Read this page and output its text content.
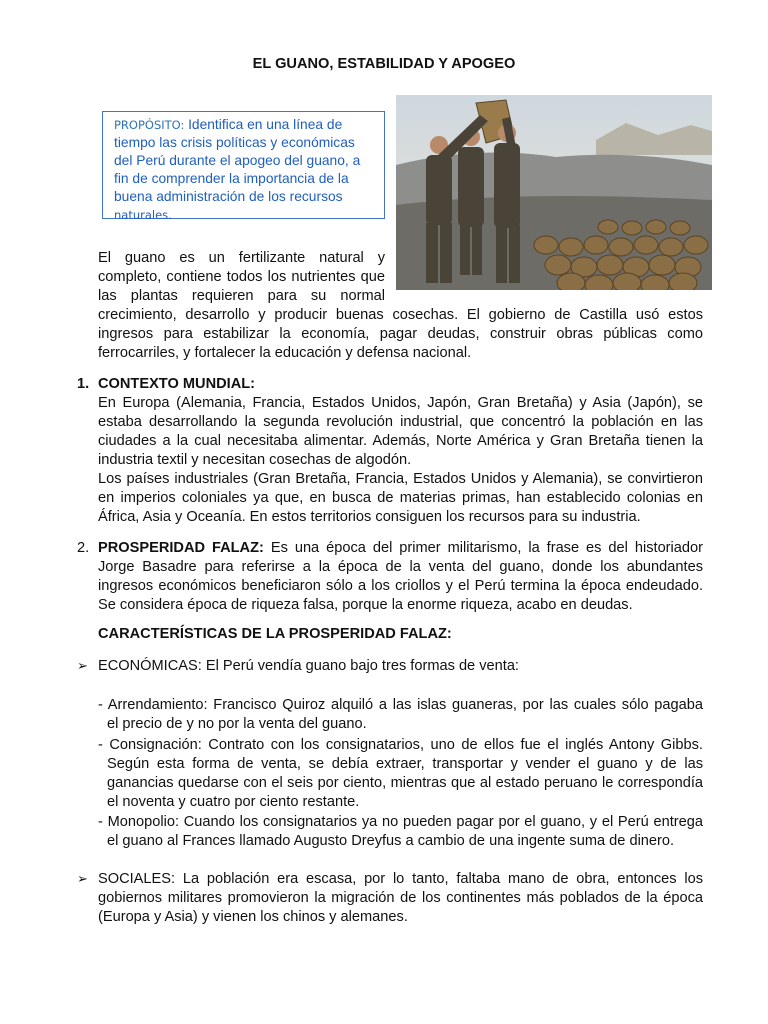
EL GUANO, ESTABILIDAD Y APOGEO
PROPÓSITO: Identifica en una línea de tiempo las crisis políticas y económicas del Perú durante el apogeo del guano, a fin de comprender la importancia de la buena administración de los recursos naturales.
El guano es un fertilizante natural y
completo, contiene todos los nutrientes que
las plantas requieren para su normal
crecimiento, desarrollo y producir buenas cosechas. El gobierno de Castilla usó estos
ingresos para estabilizar la economía, pagar deudas, construir obras públicas como
ferrocarriles, y fortalecer la educación y defensa nacional.
1. CONTEXTO MUNDIAL:
En Europa (Alemania, Francia, Estados Unidos, Japón, Gran Bretaña) y Asia (Japón), se
estaba desarrollando la segunda revolución industrial, que concentró la población en las
ciudades a la cual necesitaba alimentar. Además, Norte América y Gran Bretaña tienen la
industria textil y necesitan cosechas de algodón.
Los países industriales (Gran Bretaña, Francia, Estados Unidos y Alemania), se convirtieron
en imperios coloniales ya que, en busca de materias primas, han establecido colonias en
África, Asia y Oceanía. En estos territorios consiguen los recursos para su industria.
2. PROSPERIDAD FALAZ: Es una época del primer militarismo, la frase es del historiador
Jorge Basadre para referirse a la época de la venta del guano, donde los abundantes
ingresos económicos beneficiaron sólo a los criollos y el Perú termina la época endeudado.
Se considera época de riqueza falsa, porque la enorme riqueza, acabo en deudas.
CARACTERÍSTICAS DE LA PROSPERIDAD FALAZ:
➢ ECONÓMICAS: El Perú vendía guano bajo tres formas de venta:
- Arrendamiento: Francisco Quiroz alquiló a las islas guaneras, por las cuales sólo pagaba
el precio de y no por la venta del guano.
- Consignación: Contrato con los consignatarios, uno de ellos fue el inglés Antony Gibbs.
Según esta forma de venta, se debía extraer, transportar y vender el guano y de las
ganancias quedarse con el seis por ciento, mientras que al estado peruano le correspondía
el noventa y cuatro por ciento restante.
- Monopolio: Cuando los consignatarios ya no pueden pagar por el guano, y el Perú entrega
el guano al Frances llamado Augusto Dreyfus a cambio de una ingente suma de dinero.
➢ SOCIALES: La población era escasa, por lo tanto, faltaba mano de obra, entonces los
gobiernos militares promovieron la migración de los continentes más poblados de la época
(Europa y Asia) y vienen los chinos y alemanes.
